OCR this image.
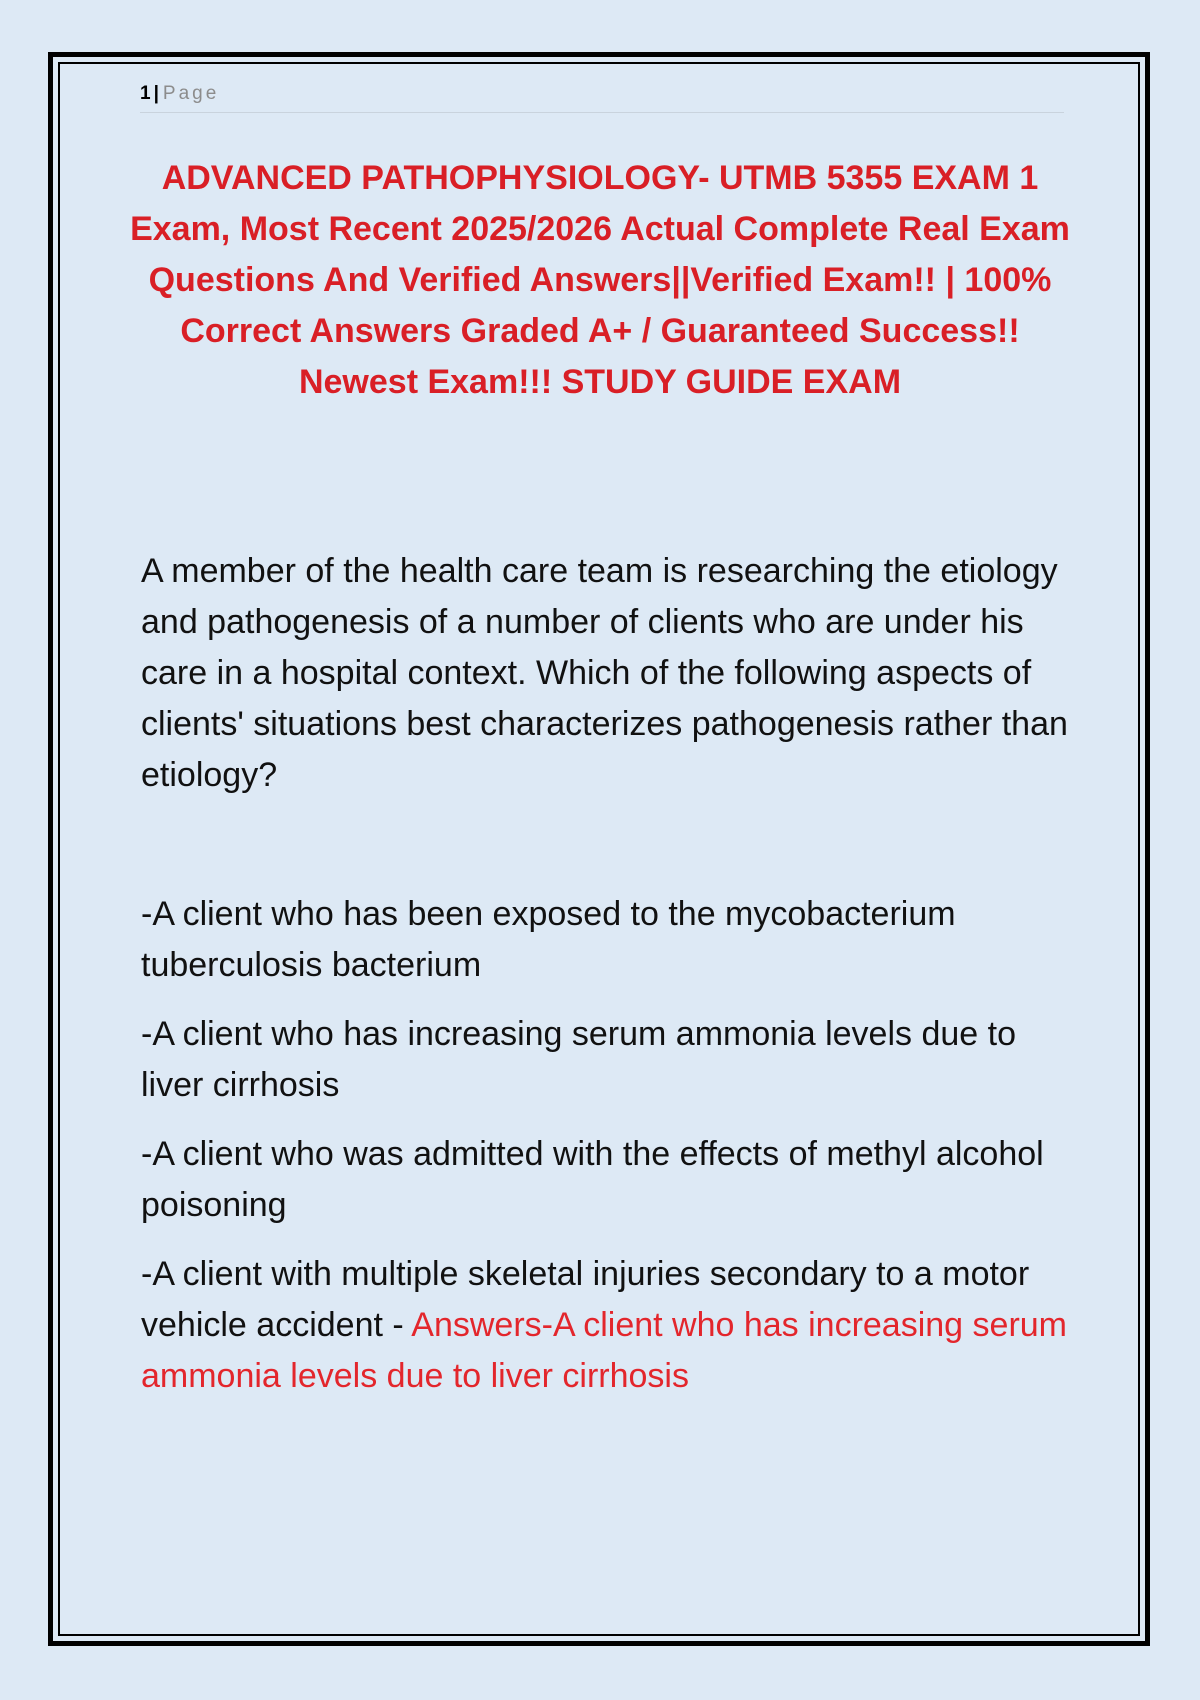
1 | Page
ADVANCED PATHOPHYSIOLOGY- UTMB 5355 EXAM 1 Exam, Most Recent 2025/2026 Actual Complete Real Exam Questions And Verified Answers||Verified Exam!! | 100% Correct Answers Graded A+ / Guaranteed Success!! Newest Exam!!! STUDY GUIDE EXAM

A member of the health care team is researching the etiology and pathogenesis of a number of clients who are under his care in a hospital context. Which of the following aspects of clients' situations best characterizes pathogenesis rather than etiology?

-A client who has been exposed to the mycobacterium tuberculosis bacterium
-A client who has increasing serum ammonia levels due to liver cirrhosis
-A client who was admitted with the effects of methyl alcohol poisoning
-A client with multiple skeletal injuries secondary to a motor vehicle accident - Answers-A client who has increasing serum ammonia levels due to liver cirrhosis
